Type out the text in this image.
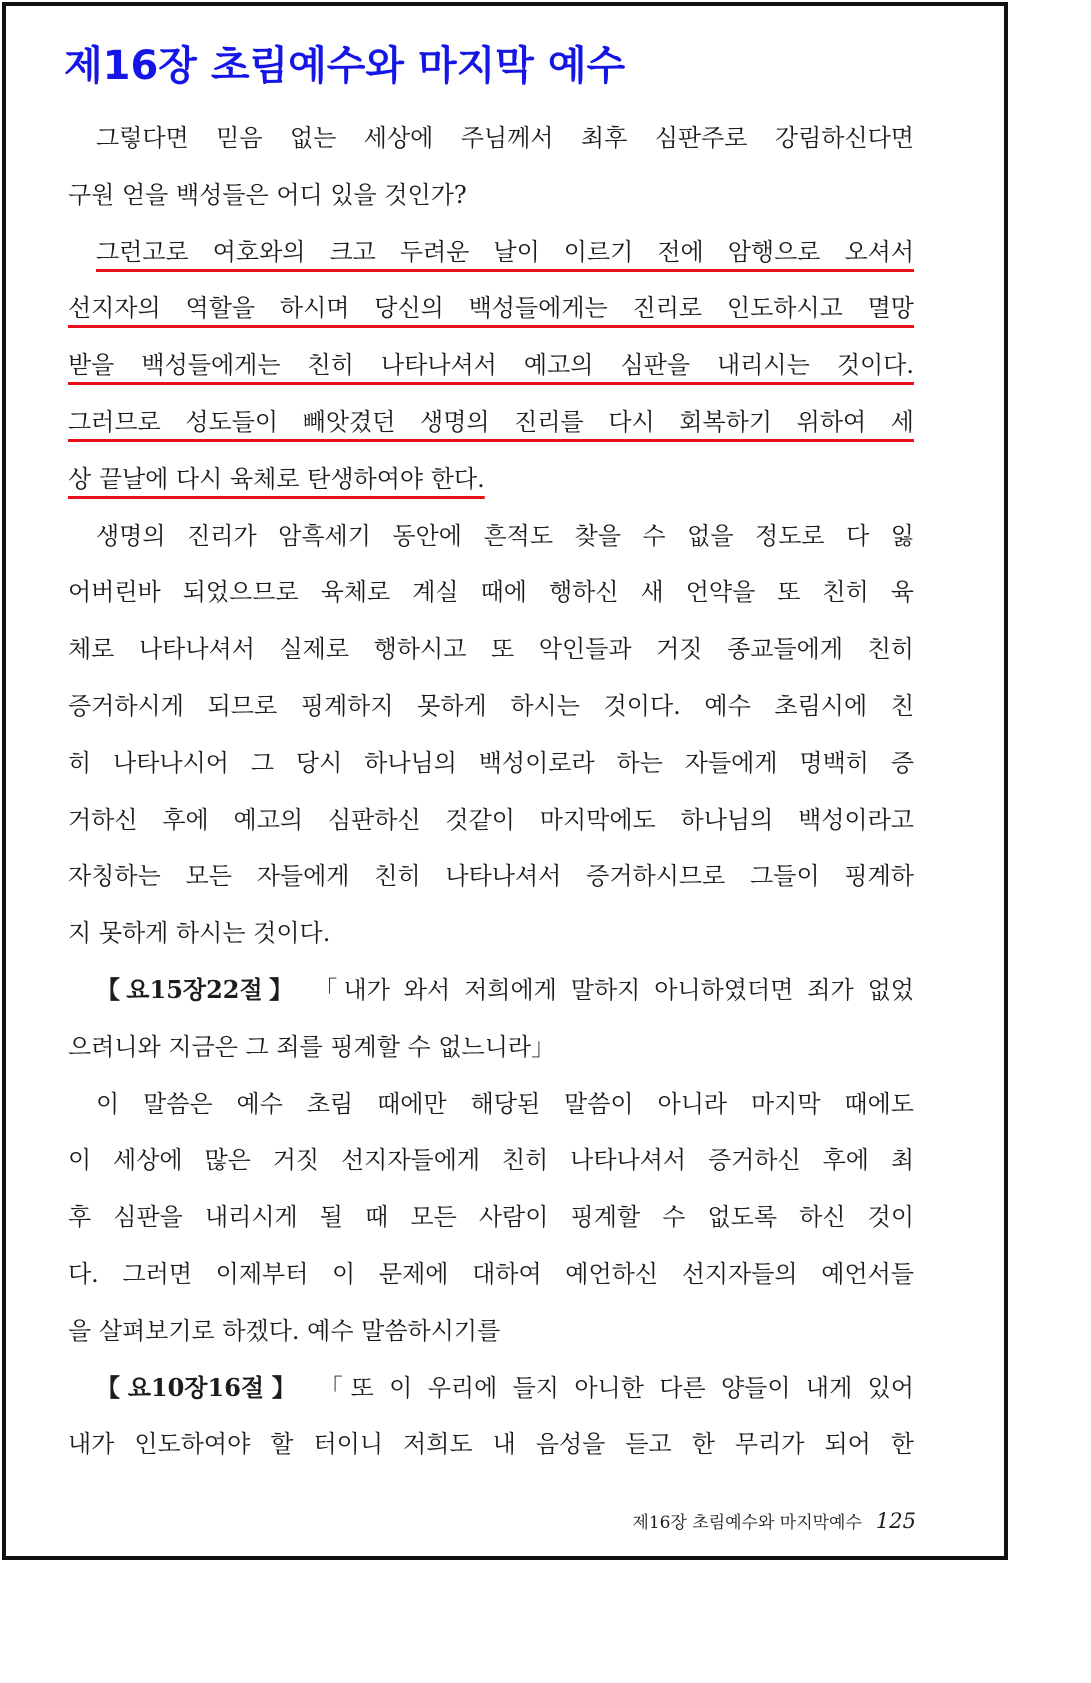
제16장 초림예수와 마지막 예수
그렇다면 믿음 없는 세상에 주님께서 최후 심판주로 강림하신다면
구원 얻을 백성들은 어디 있을 것인가?
그런고로 여호와의 크고 두려운 날이 이르기 전에 암행으로 오셔서
선지자의 역할을 하시며 당신의 백성들에게는 진리로 인도하시고 멸망
받을 백성들에게는 친히 나타나셔서 예고의 심판을 내리시는 것이다.
그러므로 성도들이 빼앗겼던 생명의 진리를 다시 회복하기 위하여 세
상 끝날에 다시 육체로 탄생하여야 한다.
생명의 진리가 암흑세기 동안에 흔적도 찾을 수 없을 정도로 다 잃
어버린바 되었으므로 육체로 계실 때에 행하신 새 언약을 또 친히 육
체로 나타나셔서 실제로 행하시고 또 악인들과 거짓 종교들에게 친히
증거하시게 되므로 핑계하지 못하게 하시는 것이다. 예수 초림시에 친
히 나타나시어 그 당시 하나님의 백성이로라 하는 자들에게 명백히 증
거하신 후에 예고의 심판하신 것같이 마지막에도 하나님의 백성이라고
자칭하는 모든 자들에게 친히 나타나셔서 증거하시므로 그들이 핑계하
지 못하게 하시는 것이다.
【요15장22절】 「내가 와서 저희에게 말하지 아니하였더면 죄가 없었
으려니와 지금은 그 죄를 핑계할 수 없느니라」
이 말씀은 예수 초림 때에만 해당된 말씀이 아니라 마지막 때에도
이 세상에 많은 거짓 선지자들에게 친히 나타나셔서 증거하신 후에 최
후 심판을 내리시게 될 때 모든 사람이 핑계할 수 없도록 하신 것이
다. 그러면 이제부터 이 문제에 대하여 예언하신 선지자들의 예언서들
을 살펴보기로 하겠다. 예수 말씀하시기를
【요10장16절】 「또 이 우리에 들지 아니한 다른 양들이 내게 있어
내가 인도하여야 할 터이니 저희도 내 음성을 듣고 한 무리가 되어 한
제16장 초림예수와 마지막예수 125
